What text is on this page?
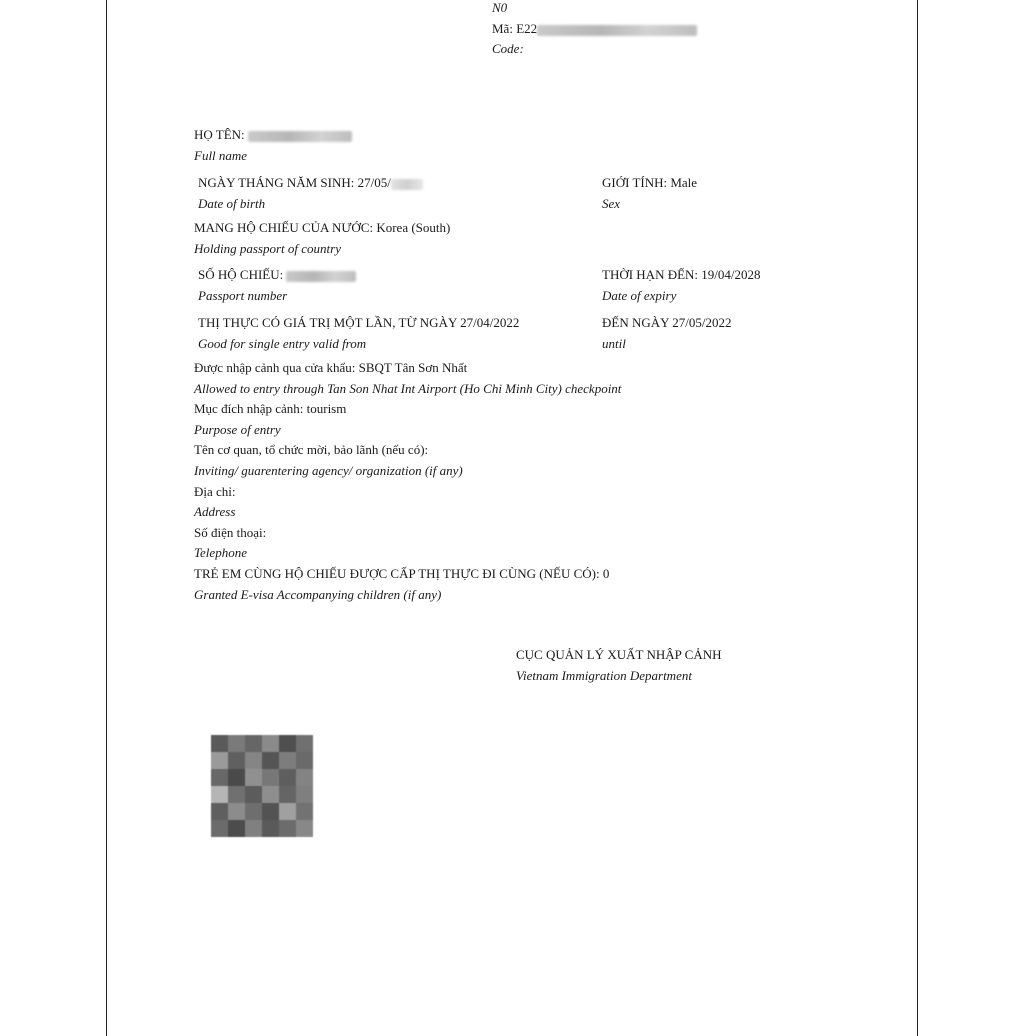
N0
Mã: E22
Code:
HỌ TÊN:
Full name
NGÀY THÁNG NĂM SINH: 27/05/
Date of birth
GIỚI TÍNH: Male
Sex
MANG HỘ CHIẾU CỦA NƯỚC: Korea (South)
Holding passport of country
SỐ HỘ CHIẾU:
Passport number
THỜI HẠN ĐẾN: 19/04/2028
Date of expiry
THỊ THỰC CÓ GIÁ TRỊ MỘT LẦN, TỪ NGÀY 27/04/2022
Good for single entry valid from
ĐẾN NGÀY 27/05/2022
until
Được nhập cảnh qua cửa khẩu: SBQT Tân Sơn Nhất
Allowed to entry through Tan Son Nhat Int Airport (Ho Chi Minh City) checkpoint
Mục đích nhập cảnh: tourism
Purpose of entry
Tên cơ quan, tổ chức mời, bảo lãnh (nếu có):
Inviting/ guarentering agency/ organization (if any)
Địa chỉ:
Address
Số điện thoại:
Telephone
TRẺ EM CÙNG HỘ CHIẾU ĐƯỢC CẤP THỊ THỰC ĐI CÙNG (NẾU CÓ): 0
Granted E-visa Accompanying children (if any)
CỤC QUẢN LÝ XUẤT NHẬP CẢNH
Vietnam Immigration Department
